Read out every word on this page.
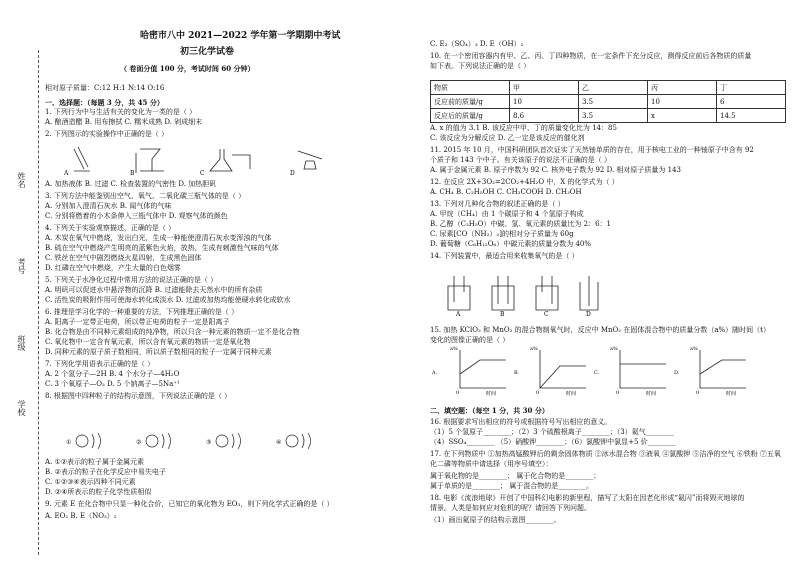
哈密市八中 2021—2022 学年第一学期期中考试
初三化学试卷
（ 卷面分值 100 分，考试时间 60 分钟）
相对原子质量：C:12 H:1 N:14 O:16
姓名
考号
班级
学校
一、选择题：（每题 3 分，共 45 分）
1. 下列行为中与生活有关的变化为一类的是（ ）
A. 酿酒造醋 B. 用布擦拭 C. 糯米成熟 D. 剁成细末
2. 下列图示的实验操作中正确的是（ ）
A. 加热液体 B. 过滤 C. 检查装置的气密性 D. 加热胆矾
3. 下列方法中能鉴别出空气、氧气、二氧化碳三瓶气体的是（ ）
A. 分别加入澄清石灰水 B. 闻气体的气味
C. 分别将燃着的小木条伸入三瓶气体中 D. 观察气体的颜色
4. 下列关于实验观察描述，正确的是（ ）
A. 木炭在氧气中燃烧，发出白光，生成一种能使澄清石灰水变浑浊的气体
B. 硫在空气中燃烧产生明亮的蓝紫色火焰，放热，生成有刺激性气味的气体
C. 铁丝在空气中剧烈燃烧火星四射，生成黑色固体
D. 红磷在空气中燃烧，产生大量的白色烟雾
5. 下列关于水净化过程中常用方法的说法正确的是（ ）
A. 明矾可以促进水中悬浮物的沉降 B. 过滤能除去天然水中的所有杂质
C. 活性炭的吸附作用可使海水转化成淡水 D. 过滤或加热均能使硬水转化成软水
6. 推理是学习化学的一种重要的方法，下列推理正确的是（ ）
A. 阳离子一定带正电荷，所以带正电荷的粒子一定是阳离子
B. 化合物是由不同种元素组成的纯净物，所以只含一种元素的物质一定不是化合物
C. 氧化物中一定含有氧元素，所以含有氧元素的物质一定是氧化物
D. 同种元素的原子质子数相同，所以质子数相同的粒子一定属于同种元素
7. 下列化学用语表示正确的是（ ）
A. 2 个氢分子—2H B. 4 个水分子—4H₂O
C. 3 个氧原子—O₃ D. 5 个钠离子—5Na⁺¹
8. 根据图中四种粒子的结构示意图，下列说法正确的是（ ）
A. ①②表示的粒子属于金属元素
B. ②表示的粒子在化学反应中易失电子
C. ①②③④表示四种不同元素
D. ②④所表示的粒子化学性质相似
9. 元素 E 在化合物中只显一种化合价，已知它的氧化物为 EO₃，则下列化学式正确的是（ ）
A. EO₂ B. E（NO₃）₂
C. E₂（SO₄）₃ D. E（OH）₂
10. 在一个密闭容器内有甲、乙、丙、丁四种物质，在一定条件下充分反应，测得反应前后各物质的质量
如下表。下列说法正确的是（ ）
A. x 的值为 3.1 B. 该反应中甲、丁的质量变化比为 14：85
C. 该反应为分解反应 D. 乙一定是该反应的催化剂
11. 2015 年 10 月，中国科研团队首次证实了天然铀单质的存在，用于核电工业的一种铀原子中含有 92
个质子和 143 个中子。有关该原子的说法不正确的是（ ）
A. 属于金属元素 B. 原子序数为 92 C. 核外电子数为 92 D. 相对原子质量为 143
12. 在反应 2X+3O₂=2CO₂+4H₂O 中，X 的化学式为（ ）
A. CH₄ B. C₂H₅OH C. CH₃COOH D. CH₃OH
13. 下列对几种化合物的叙述正确的是（ ）
A. 甲烷（CH₄）由 1 个碳原子和 4 个氢原子构成
B. 乙醇（C₂H₅O）中碳、氢、氧元素的质量比为 2：6：1
C. 尿素[CO（NH₂）₂]的相对分子质量为 60g
D. 葡萄糖（C₆H₁₂O₆）中碳元素的质量分数为 40%
14. 下列装置中，最适合用来收集氧气的是（ ）
15. 加热 KClO₃ 和 MnO₂ 的混合物制氧气时，反应中 MnO₂ 在固体混合物中的质量分数（a%）随时间（t）
变化的图像正确的是（ ）
二、填空题：（每空 1 分，共 30 分）
16. 根据要求写出相应的符号或根据符号写出相应的意义。
（1）5 个氢原子________；（2）3 个硫酸根离子________；（3）氦气________
（4）SSO₄________ （5）硝酸钾________；（6）氯酸钾中氯显+5 价________
17. 在下列物质中 ①加热高锰酸钾后的剩余固体物质 ②冰水混合物 ③液氧 ④氯酸钾 ⑤洁净的空气 ⑥铁粉 ⑦五氧
化二磷等物质中请选择（用序号填空）：
属于氧化物的是________； 属于化合物的是________；
属于单质的是________； 属于混合物的是________。
18. 电影《流浪地球》开创了中国科幻电影的新里程，描写了太阳在因老化形成“氦闪”而将毁灭地球的
情景。人类是如何应对危机的呢？请回答下列问题。
（1）画出氦原子的结构示意图________。
物质	甲	乙	丙	丁
反应前的质量/g	10	3.5	10	6
反应后的质量/g	8.6	3.5	x	14.5
A	B	C	D
①	②	③	④
A	B	C	D
a%	a%	a%	a%
0	0	0	0
时间	时间	时间	时间
A.	B.	C.	D.
